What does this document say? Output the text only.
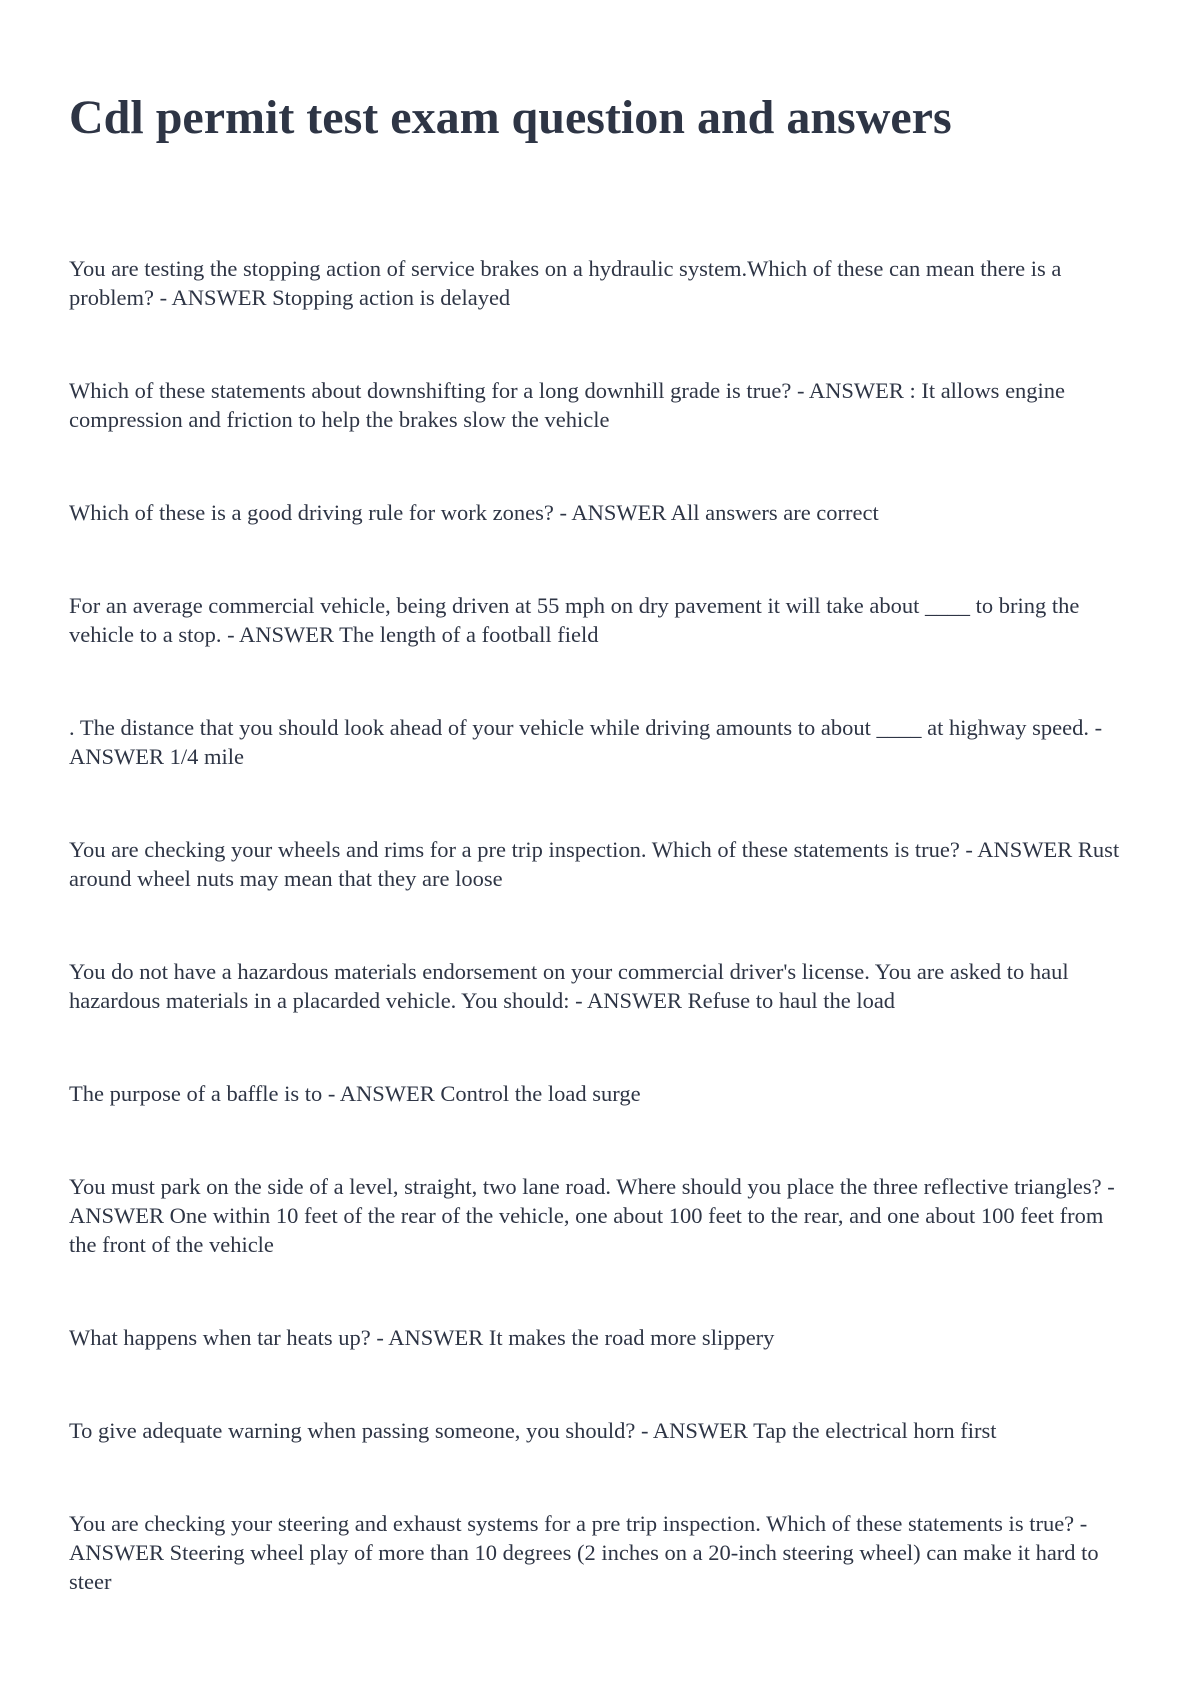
Cdl permit test exam question and answers
You are testing the stopping action of service brakes on a hydraulic system.Which of these can mean there is a problem? - ANSWER Stopping action is delayed
Which of these statements about downshifting for a long downhill grade is true? - ANSWER : It allows engine compression and friction to help the brakes slow the vehicle
Which of these is a good driving rule for work zones? - ANSWER All answers are correct
For an average commercial vehicle, being driven at 55 mph on dry pavement it will take about ____ to bring the vehicle to a stop. - ANSWER The length of a football field
. The distance that you should look ahead of your vehicle while driving amounts to about ____ at highway speed. - ANSWER 1/4 mile
You are checking your wheels and rims for a pre trip inspection. Which of these statements is true? - ANSWER Rust around wheel nuts may mean that they are loose
You do not have a hazardous materials endorsement on your commercial driver's license. You are asked to haul hazardous materials in a placarded vehicle. You should: - ANSWER Refuse to haul the load
The purpose of a baffle is to - ANSWER Control the load surge
You must park on the side of a level, straight, two lane road. Where should you place the three reflective triangles? - ANSWER One within 10 feet of the rear of the vehicle, one about 100 feet to the rear, and one about 100 feet from the front of the vehicle
What happens when tar heats up? - ANSWER It makes the road more slippery
To give adequate warning when passing someone, you should? - ANSWER Tap the electrical horn first
You are checking your steering and exhaust systems for a pre trip inspection. Which of these statements is true? - ANSWER Steering wheel play of more than 10 degrees (2 inches on a 20-inch steering wheel) can make it hard to steer
